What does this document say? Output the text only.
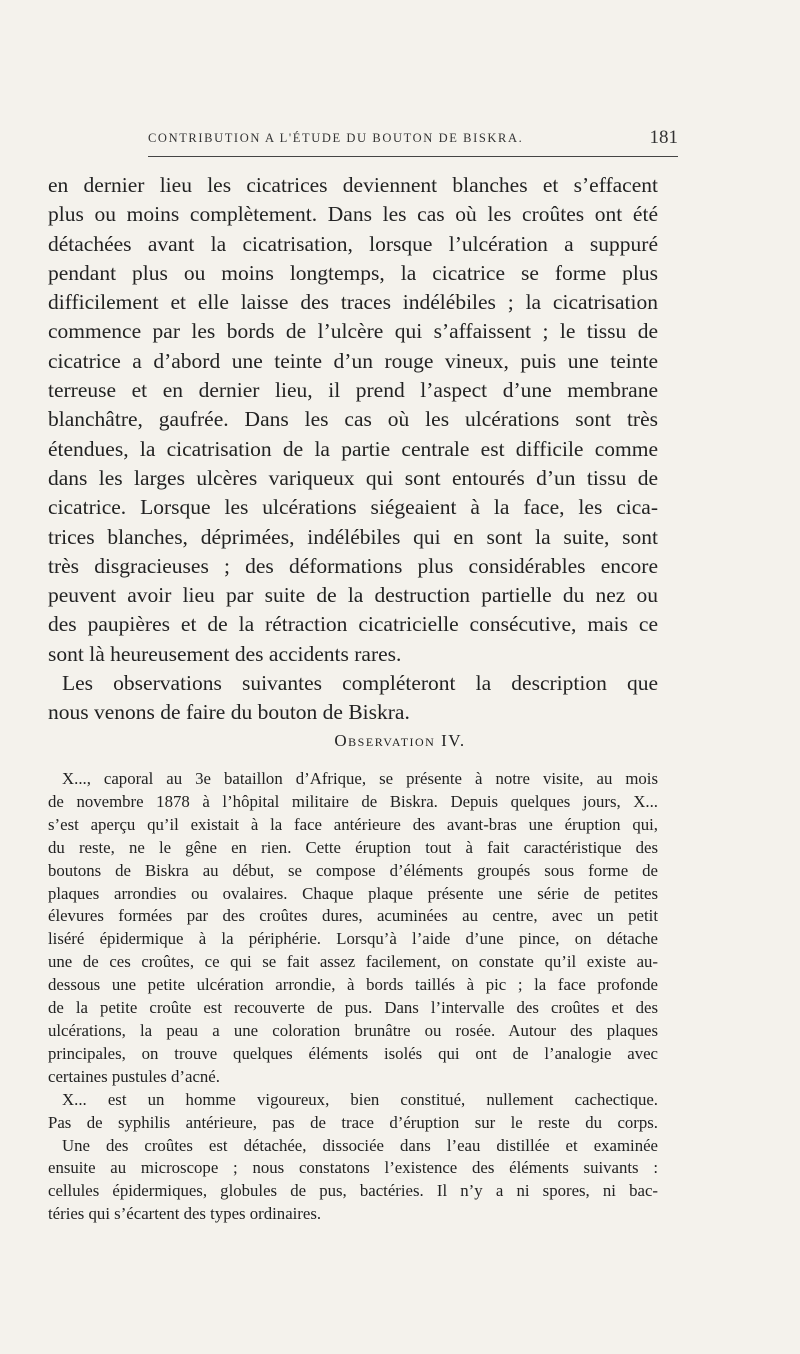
CONTRIBUTION A L'ÉTUDE DU BOUTON DE BISKRA.	181
en dernier lieu les cicatrices deviennent blanches et s’effacent
plus ou moins complètement. Dans les cas où les croûtes ont été
détachées avant la cicatrisation, lorsque l’ulcération a suppuré
pendant plus ou moins longtemps, la cicatrice se forme plus
difficilement et elle laisse des traces indélébiles ; la cicatrisation
commence par les bords de l’ulcère qui s’affaissent ; le tissu de
cicatrice a d’abord une teinte d’un rouge vineux, puis une teinte
terreuse et en dernier lieu, il prend l’aspect d’une membrane
blanchâtre, gaufrée. Dans les cas où les ulcérations sont très
étendues, la cicatrisation de la partie centrale est difficile comme
dans les larges ulcères variqueux qui sont entourés d’un tissu de
cicatrice. Lorsque les ulcérations siégeaient à la face, les cica-
trices blanches, déprimées, indélébiles qui en sont la suite, sont
très disgracieuses ; des déformations plus considérables encore
peuvent avoir lieu par suite de la destruction partielle du nez ou
des paupières et de la rétraction cicatricielle consécutive, mais ce
sont là heureusement des accidents rares.
Les observations suivantes compléteront la description que
nous venons de faire du bouton de Biskra.
Observation IV.
X..., caporal au 3e bataillon d’Afrique, se présente à notre visite, au mois
de novembre 1878 à l’hôpital militaire de Biskra. Depuis quelques jours, X...
s’est aperçu qu’il existait à la face antérieure des avant-bras une éruption qui,
du reste, ne le gêne en rien. Cette éruption tout à fait caractéristique des
boutons de Biskra au début, se compose d’éléments groupés sous forme de
plaques arrondies ou ovalaires. Chaque plaque présente une série de petites
élevures formées par des croûtes dures, acuminées au centre, avec un petit
liséré épidermique à la périphérie. Lorsqu’à l’aide d’une pince, on détache
une de ces croûtes, ce qui se fait assez facilement, on constate qu’il existe au-
dessous une petite ulcération arrondie, à bords taillés à pic ; la face profonde
de la petite croûte est recouverte de pus. Dans l’intervalle des croûtes et des
ulcérations, la peau a une coloration brunâtre ou rosée. Autour des plaques
principales, on trouve quelques éléments isolés qui ont de l’analogie avec
certaines pustules d’acné.
X... est un homme vigoureux, bien constitué, nullement cachectique.
Pas de syphilis antérieure, pas de trace d’éruption sur le reste du corps.
Une des croûtes est détachée, dissociée dans l’eau distillée et examinée
ensuite au microscope ; nous constatons l’existence des éléments suivants :
cellules épidermiques, globules de pus, bactéries. Il n’y a ni spores, ni bac-
téries qui s’écartent des types ordinaires.
